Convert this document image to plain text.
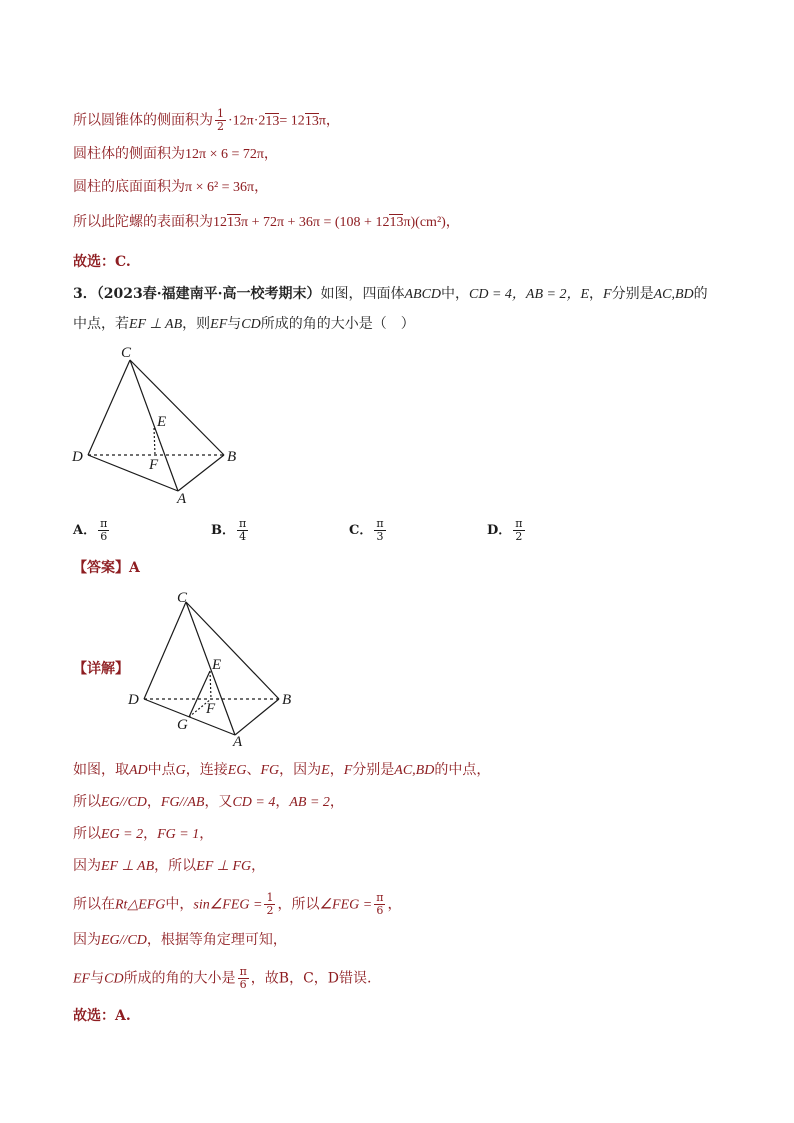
所以圆锥体的侧面积为 $\frac{1}{2} \cdot 12\pi\cdot 213= 1213\pi$，
圆柱体的侧面积为12π × 6 = 72π，
圆柱的底面面积为π × 6² = 36π，
所以此陀螺的表面积为1213π + 72π + 36π = (108 + 1213π)(cm²)，
故选：C.
3．（2023春·福建南平·高一校考期末）如图，四面体ABCD中，CD = 4，AB = 2，E，F分别是AC,BD的
中点，若EF ⊥ AB，则EF与CD所成的角的大小是（　）
C
E
D	F	B
A
A． $\frac{\pi}{6}$	B． $\frac{\pi}{4}$	C． $\frac{\pi}{3}$	D． $\frac{\pi}{2}$
【答案】A
【详解】
C
E
D
F
B
G
A
如图，取AD中点G，连接EG、FG，因为E，F分别是AC,BD的中点，
所以EG//CD，FG//AB，又CD = 4，AB = 2，
所以EG = 2，FG = 1，
因为EF ⊥ AB，所以EF ⊥ FG，
所以在Rt△EFG中，sin∠FEG = $\frac{1}{2}$ ，所以∠FEG = $\frac{\pi}{6}$ ，
因为EG//CD，根据等角定理可知，
EF与CD所成的角的大小是 $\frac{\pi}{6}$ ，故B，C，D错误.
故选：A.
